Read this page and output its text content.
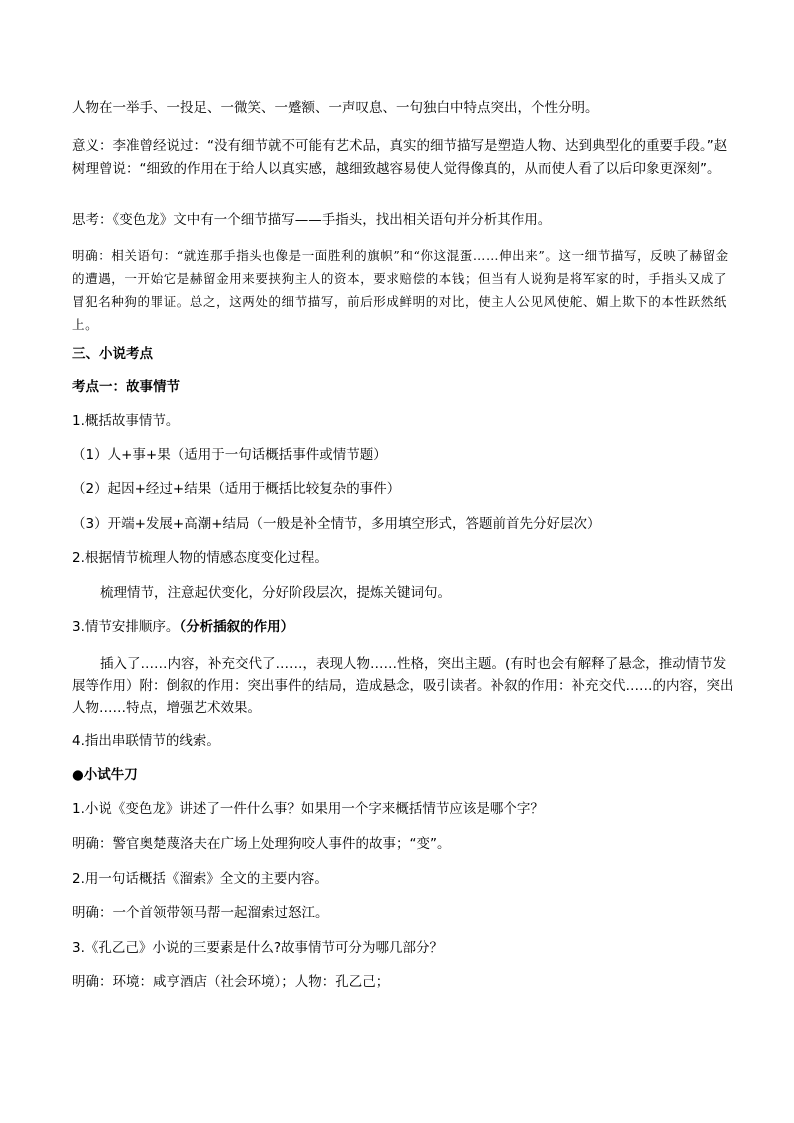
人物在一举手、一投足、一微笑、一蹙额、一声叹息、一句独白中特点突出，个性分明。

意义：李准曾经说过：“没有细节就不可能有艺术品，真实的细节描写是塑造人物、达到典型化的重要手段。”赵树理曾说：“细致的作用在于给人以真实感，越细致越容易使人觉得像真的，从而使人看了以后印象更深刻”。

思考：《变色龙》文中有一个细节描写——手指头，找出相关语句并分析其作用。

明确：相关语句：“就连那手指头也像是一面胜利的旗帜”和“你这混蛋……伸出来”。这一细节描写，反映了赫留金的遭遇，一开始它是赫留金用来要挟狗主人的资本，要求赔偿的本钱；但当有人说狗是将军家的时，手指头又成了冒犯名种狗的罪证。总之，这两处的细节描写，前后形成鲜明的对比，使主人公见风使舵、媚上欺下的本性跃然纸上。

三、小说考点

考点一：故事情节

1.概括故事情节。

（1）人+事+果（适用于一句话概括事件或情节题）

（2）起因+经过+结果（适用于概括比较复杂的事件）

（3）开端+发展+高潮+结局（一般是补全情节，多用填空形式，答题前首先分好层次）

2.根据情节梳理人物的情感态度变化过程。

梳理情节，注意起伏变化，分好阶段层次，提炼关键词句。

3.情节安排顺序。（分析插叙的作用）

插入了……内容，补充交代了……，表现人物……性格，突出主题。(有时也会有解释了悬念，推动情节发展等作用）附：倒叙的作用：突出事件的结局，造成悬念，吸引读者。补叙的作用：补充交代……的内容，突出人物……特点，增强艺术效果。

4.指出串联情节的线索。

●小试牛刀

1.小说《变色龙》讲述了一件什么事？如果用一个字来概括情节应该是哪个字？

明确：警官奥楚蔑洛夫在广场上处理狗咬人事件的故事；“变”。

2.用一句话概括《溜索》全文的主要内容。

明确：一个首领带领马帮一起溜索过怒江。

3.《孔乙己》小说的三要素是什么?故事情节可分为哪几部分？

明确：环境：咸亨酒店（社会环境）；人物：孔乙己；
